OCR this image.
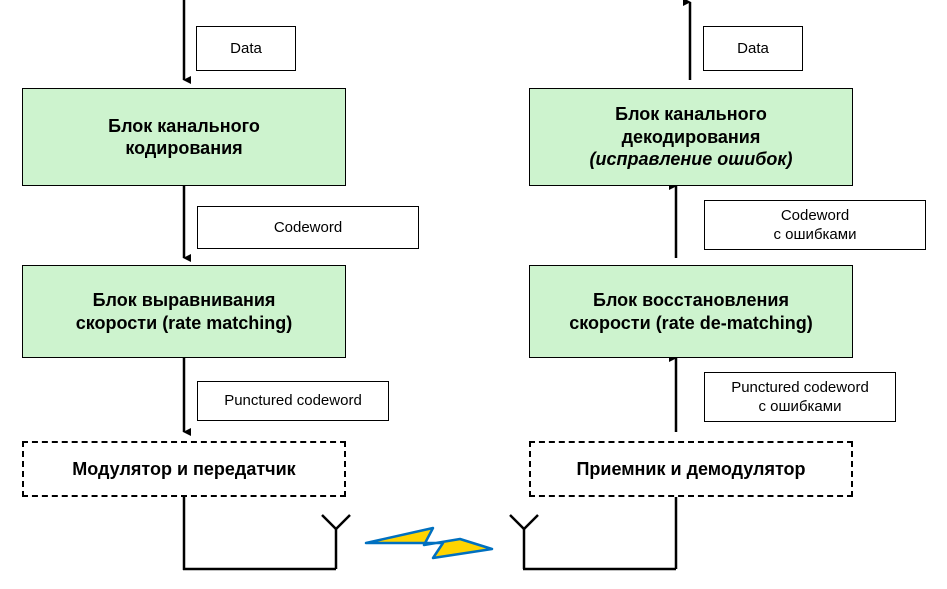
Data
Блок канального
кодирования
Codeword
Блок выравнивания
скорости (rate matching)
Punctured codeword
Модулятор и передатчик
Data
Блок канального
декодирования
(исправление ошибок)
Codeword
с ошибками
Блок восстановления
скорости (rate de-matching)
Punctured codeword
с ошибками
Приемник и демодулятор
